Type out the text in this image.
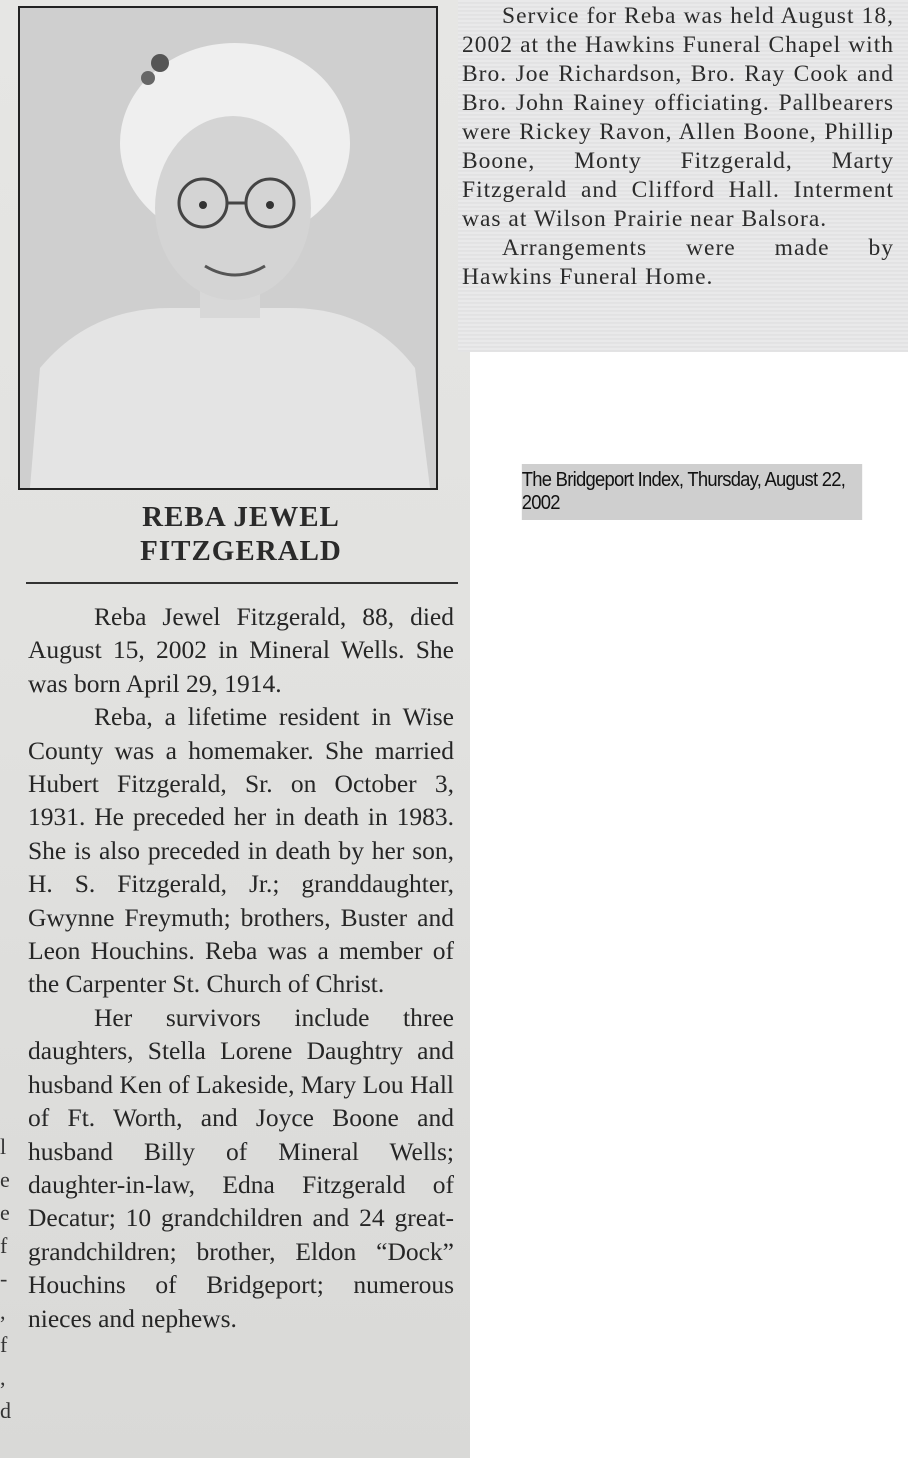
REBA JEWEL
FITZGERALD

Reba Jewel Fitzgerald, 88, died August 15, 2002 in Mineral Wells. She was born April 29, 1914.

Reba, a lifetime resident in Wise County was a homemaker. She married Hubert Fitzgerald, Sr. on October 3, 1931. He preceded her in death in 1983. She is also preceded in death by her son, H. S. Fitzgerald, Jr.; granddaughter, Gwynne Freymuth; brothers, Buster and Leon Houchins. Reba was a member of the Carpenter St. Church of Christ.

Her survivors include three daughters, Stella Lorene Daughtry and husband Ken of Lakeside, Mary Lou Hall of Ft. Worth, and Joyce Boone and husband Billy of Mineral Wells; daughter-in-law, Edna Fitzgerald of Decatur; 10 grandchildren and 24 great-grandchildren; brother, Eldon “Dock” Houchins of Bridgeport; numerous nieces and nephews.

l
e
e
f
-
,
f
,
d

Service for Reba was held August 18, 2002 at the Hawkins Funeral Chapel with Bro. Joe Richardson, Bro. Ray Cook and Bro. John Rainey officiating. Pallbearers were Rickey Ravon, Allen Boone, Phillip Boone, Monty Fitzgerald, Marty Fitzgerald and Clifford Hall. Interment was at Wilson Prairie near Balsora.

Arrangements were made by Hawkins Funeral Home.

The Bridgeport Index, Thursday, August 22, 2002
